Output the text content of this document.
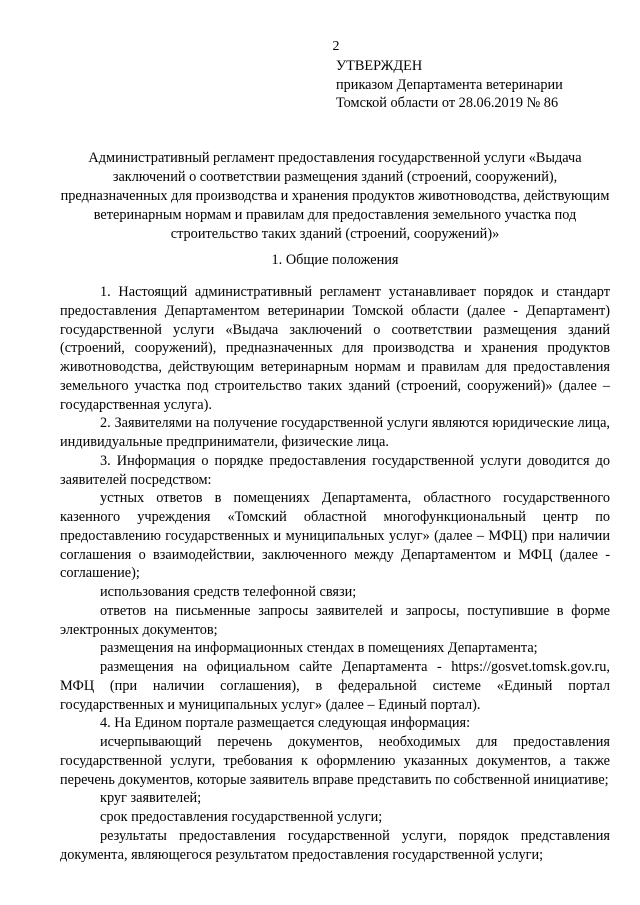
2
УТВЕРЖДЕН
приказом Департамента ветеринарии
Томской области от 28.06.2019 № 86
Административный регламент предоставления государственной услуги «Выдача заключений о соответствии размещения зданий (строений, сооружений), предназначенных для производства и хранения продуктов животноводства, действующим ветеринарным нормам и правилам для предоставления земельного участка под строительство таких зданий (строений, сооружений)»
1. Общие положения

1. Настоящий административный регламент устанавливает порядок и стандарт предоставления Департаментом ветеринарии Томской области (далее - Департамент) государственной услуги «Выдача заключений о соответствии размещения зданий (строений, сооружений), предназначенных для производства и хранения продуктов животноводства, действующим ветеринарным нормам и правилам для предоставления земельного участка под строительство таких зданий (строений, сооружений)» (далее – государственная услуга).

2. Заявителями на получение государственной услуги являются юридические лица, индивидуальные предприниматели, физические лица.

3. Информация о порядке предоставления государственной услуги доводится до заявителей посредством:

устных ответов в помещениях Департамента, областного государственного казенного учреждения «Томский областной многофункциональный центр по предоставлению государственных и муниципальных услуг» (далее – МФЦ) при наличии соглашения о взаимодействии, заключенного между Департаментом и МФЦ (далее - соглашение);

использования средств телефонной связи;

ответов на письменные запросы заявителей и запросы, поступившие в форме электронных документов;

размещения на информационных стендах в помещениях Департамента;

размещения на официальном сайте Департамента - https://gosvet.tomsk.gov.ru, МФЦ (при наличии соглашения), в федеральной системе «Единый портал государственных и муниципальных услуг» (далее – Единый портал).

4. На Едином портале размещается следующая информация:

исчерпывающий перечень документов, необходимых для предоставления государственной услуги, требования к оформлению указанных документов, а также перечень документов, которые заявитель вправе представить по собственной инициативе;

круг заявителей;

срок предоставления государственной услуги;

результаты предоставления государственной услуги, порядок представления документа, являющегося результатом предоставления государственной услуги;
